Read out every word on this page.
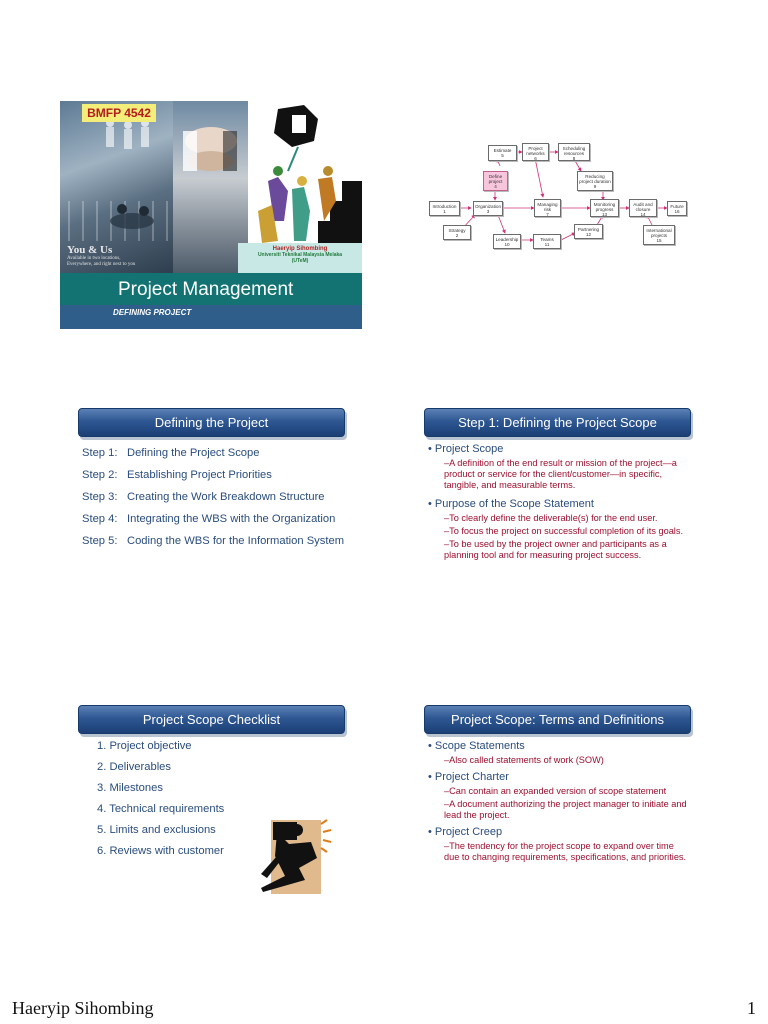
BMFP 4542
You & Us
Available in two locations,
Everywhere, and right next to you
Haeryip Sihombing
Universiti Teknikal Malaysia Melaka
(UTeM)
Project Management
DEFINING PROJECT
Estimate
5
Project networks
6
Scheduling resources
8
Define project
4
Reducing project duration
9
Introduction
1
Organization
3
Managing risk
7
Monitoring progress
13
Audit and closure
14
Future
16
Strategy
2
Leadership
10
Teams
11
Partnering
12
International projects
15
Defining the Project
Step 1: Defining the Project Scope
Step 2: Establishing Project Priorities
Step 3: Creating the Work Breakdown Structure
Step 4: Integrating the WBS with the Organization
Step 5: Coding the WBS for the Information System
Step 1: Defining the Project Scope
• Project Scope
–A definition of the end result or mission of the project—a product or service for the client/customer—in specific, tangible, and measurable terms.
• Purpose of the Scope Statement
–To clearly define the deliverable(s) for the end user.
–To focus the project on successful completion of its goals.
–To be used by the project owner and participants as a planning tool and for measuring project success.
Project Scope Checklist
1. Project objective
2. Deliverables
3. Milestones
4. Technical requirements
5. Limits and exclusions
6. Reviews with customer
Project Scope: Terms and Definitions
• Scope Statements
–Also called statements of work (SOW)
• Project Charter
–Can contain an expanded version of scope statement
–A document authorizing the project manager to initiate and lead the project.
• Project Creep
–The tendency for the project scope to expand over time due to changing requirements, specifications, and priorities.
Haeryip Sihombing	1
